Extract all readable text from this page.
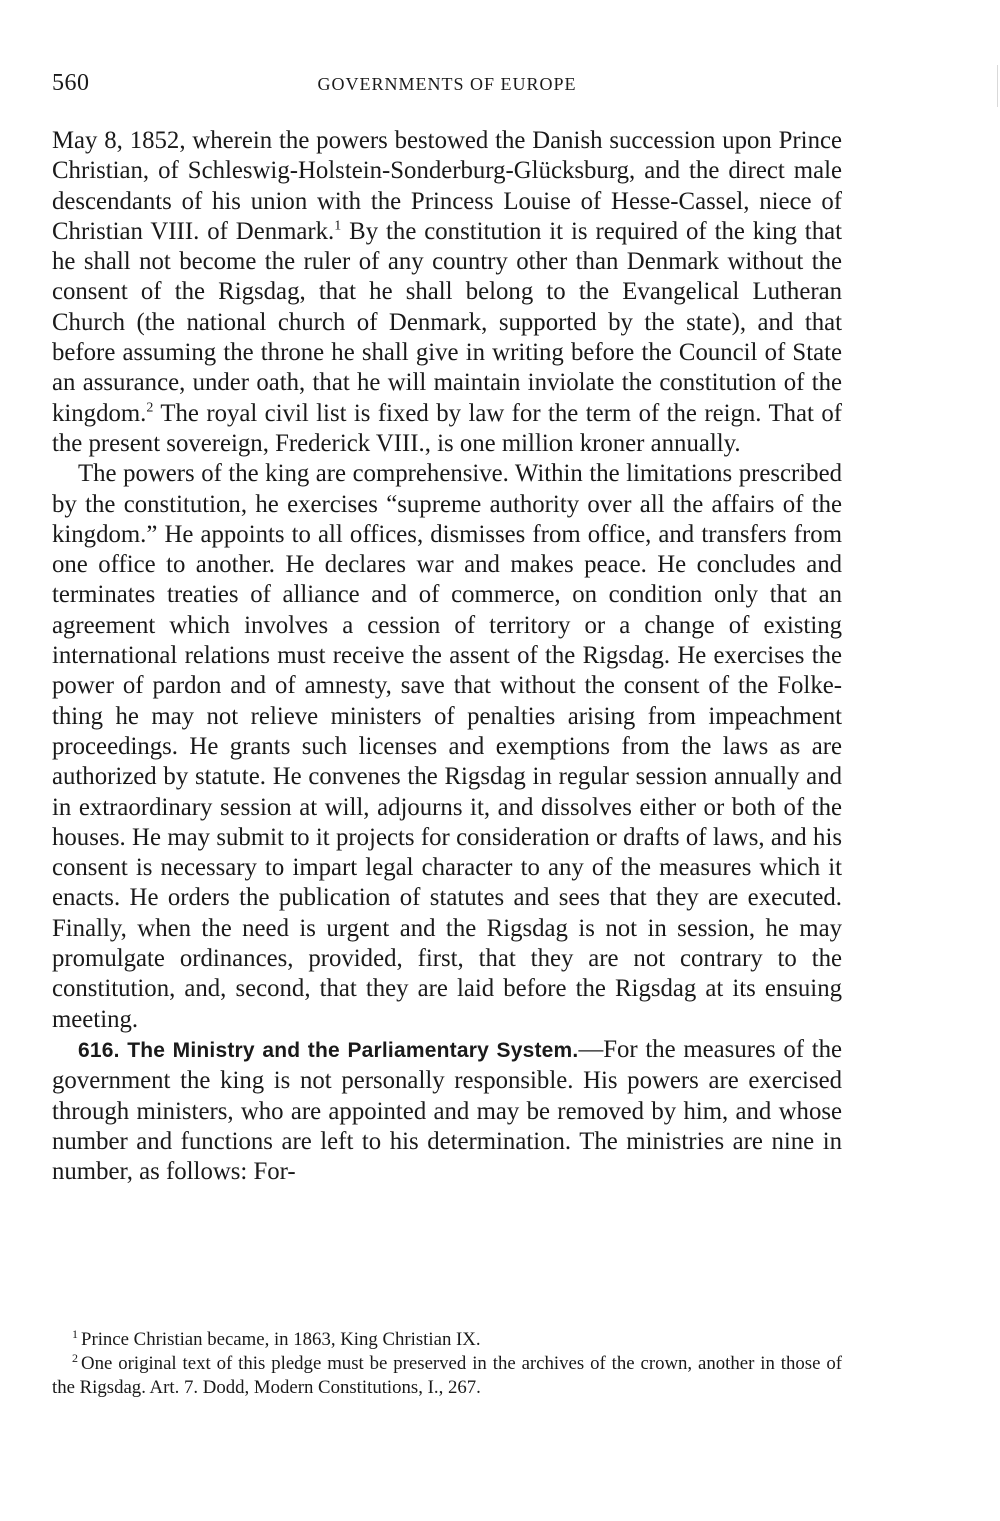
560	GOVERNMENTS OF EUROPE

May 8, 1852, wherein the powers bestowed the Danish succession upon Prince Christian, of Schleswig-Holstein-Sonderburg-Glücksburg, and the direct male descendants of his union with the Princess Louise of Hesse-Cassel, niece of Christian VIII. of Denmark.$^1$ By the constitution it is required of the king that he shall not become the ruler of any country other than Denmark without the consent of the Rigsdag, that he shall belong to the Evangelical Lutheran Church (the national church of Denmark, supported by the state), and that before assuming the throne he shall give in writing before the Council of State an assurance, under oath, that he will maintain inviolate the constitution of the kingdom.$^2$ The royal civil list is fixed by law for the term of the reign. That of the present sovereign, Frederick VIII., is one million kroner annually.

The powers of the king are comprehensive. Within the limitations prescribed by the constitution, he exercises “supreme authority over all the affairs of the kingdom.” He appoints to all offices, dismisses from office, and transfers from one office to another. He declares war and makes peace. He concludes and terminates treaties of alliance and of commerce, on condition only that an agreement which involves a cession of territory or a change of existing international relations must receive the assent of the Rigsdag. He exercises the power of pardon and of amnesty, save that without the consent of the Folkething he may not relieve ministers of penalties arising from impeachment proceedings. He grants such licenses and exemptions from the laws as are authorized by statute. He convenes the Rigsdag in regular session annually and in extraordinary session at will, adjourns it, and dissolves either or both of the houses. He may submit to it projects for consideration or drafts of laws, and his consent is necessary to impart legal character to any of the measures which it enacts. He orders the publication of statutes and sees that they are executed. Finally, when the need is urgent and the Rigsdag is not in session, he may promulgate ordinances, provided, first, that they are not contrary to the constitution, and, second, that they are laid before the Rigsdag at its ensuing meeting.

616. The Ministry and the Parliamentary System.—For the measures of the government the king is not personally responsible. His powers are exercised through ministers, who are appointed and may be removed by him, and whose number and functions are left to his determination. The ministries are nine in number, as follows: For-

$^1$ Prince Christian became, in 1863, King Christian IX.

$^2$ One original text of this pledge must be preserved in the archives of the crown, another in those of the Rigsdag. Art. 7. Dodd, Modern Constitutions, I., 267.
